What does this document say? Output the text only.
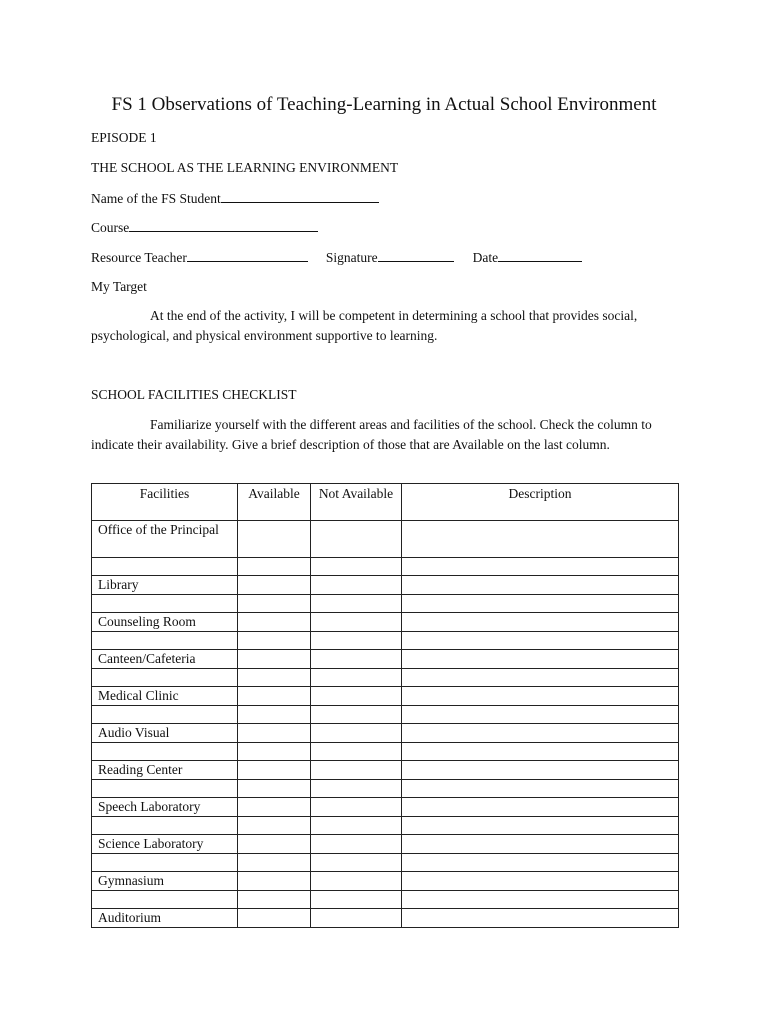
FS 1 Observations of Teaching-Learning in Actual School Environment
EPISODE 1
THE SCHOOL AS THE LEARNING ENVIRONMENT
Name of the FS Student
Course
Resource Teacher	Signature	Date
My Target
At the end of the activity, I will be competent in determining a school that provides social, psychological, and physical environment supportive to learning.
SCHOOL FACILITIES CHECKLIST
Familiarize yourself with the different areas and facilities of the school. Check the column to indicate their availability. Give a brief description of those that are Available on the last column.
Facilities	Available	Not Available	Description
Office of the Principal			

Library			

Counseling Room			

Canteen/Cafeteria			

Medical Clinic			

Audio Visual			

Reading Center			

Speech Laboratory			

Science Laboratory			

Gymnasium			

Auditorium			
